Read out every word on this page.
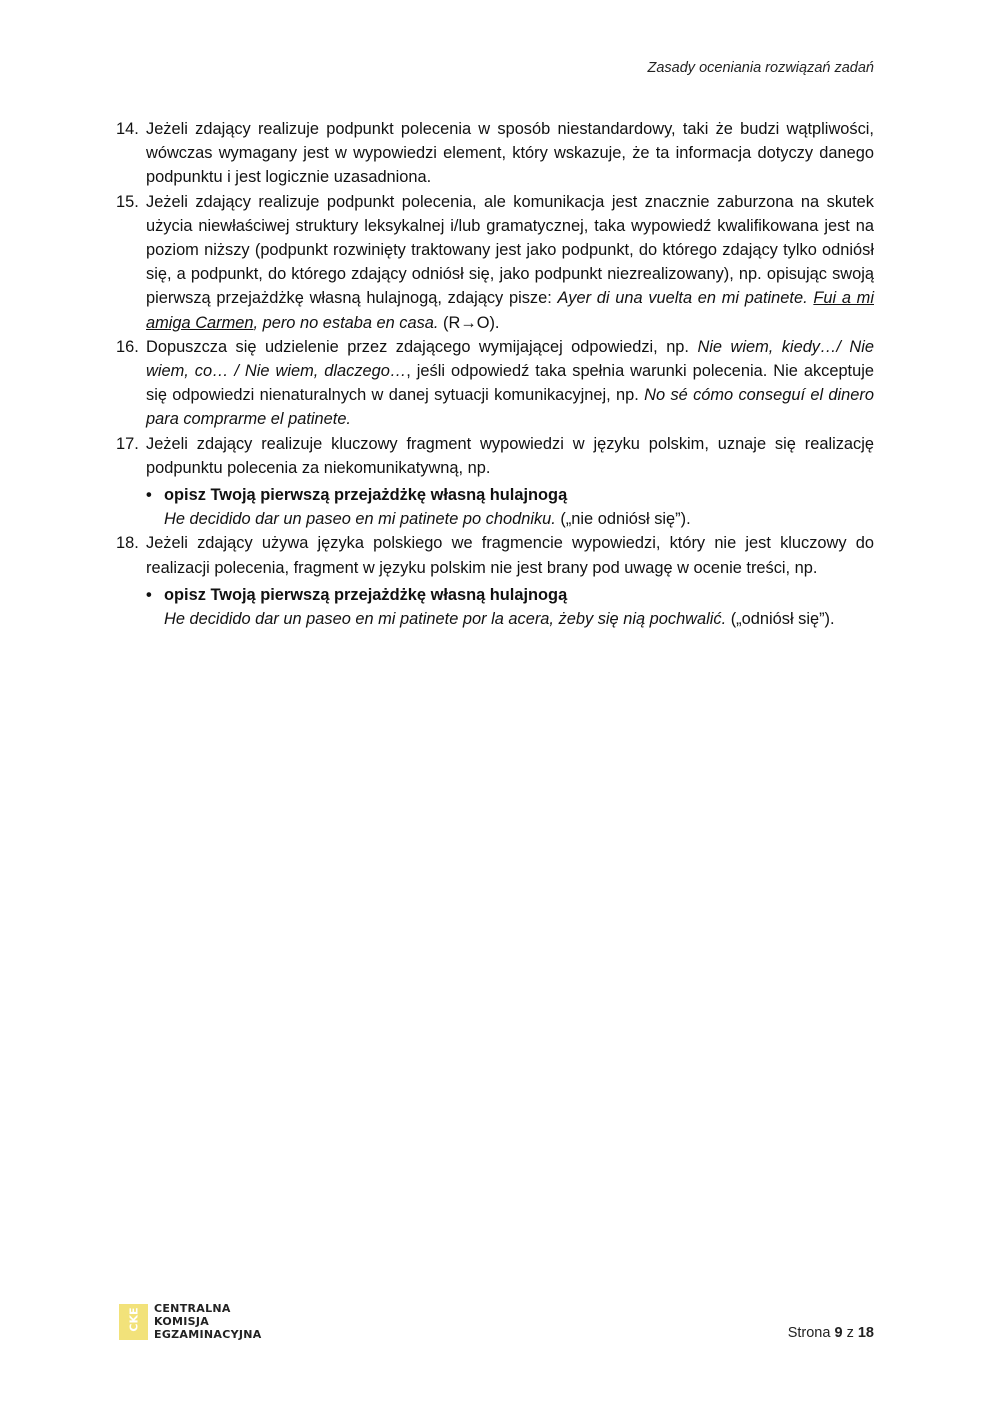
Zasady oceniania rozwiązań zadań
14. Jeżeli zdający realizuje podpunkt polecenia w sposób niestandardowy, taki że budzi wątpliwości, wówczas wymagany jest w wypowiedzi element, który wskazuje, że ta informacja dotyczy danego podpunktu i jest logicznie uzasadniona.
15. Jeżeli zdający realizuje podpunkt polecenia, ale komunikacja jest znacznie zaburzona na skutek użycia niewłaściwej struktury leksykalnej i/lub gramatycznej, taka wypowiedź kwalifikowana jest na poziom niższy (podpunkt rozwinięty traktowany jest jako podpunkt, do którego zdający tylko odniósł się, a podpunkt, do którego zdający odniósł się, jako podpunkt niezrealizowany), np. opisując swoją pierwszą przejażdżkę własną hulajnogą, zdający pisze: Ayer di una vuelta en mi patinete. Fui a mi amiga Carmen, pero no estaba en casa. (R→O).
16. Dopuszcza się udzielenie przez zdającego wymijającej odpowiedzi, np. Nie wiem, kiedy…/ Nie wiem, co… / Nie wiem, dlaczego…, jeśli odpowiedź taka spełnia warunki polecenia. Nie akceptuje się odpowiedzi nienaturalnych w danej sytuacji komunikacyjnej, np. No sé cómo conseguí el dinero para comprarme el patinete.
17. Jeżeli zdający realizuje kluczowy fragment wypowiedzi w języku polskim, uznaje się realizację podpunktu polecenia za niekomunikatywną, np.
• opisz Twoją pierwszą przejażdżkę własną hulajnogą
He decidido dar un paseo en mi patinete po chodniku. („nie odniósł się”).
18. Jeżeli zdający używa języka polskiego we fragmencie wypowiedzi, który nie jest kluczowy do realizacji polecenia, fragment w języku polskim nie jest brany pod uwagę w ocenie treści, np.
• opisz Twoją pierwszą przejażdżkę własną hulajnogą
He decidido dar un paseo en mi patinete por la acera, żeby się nią pochwalić. („odniósł się”).
CKE CENTRALNA
KOMISJA
EGZAMINACYJNA	Strona 9 z 18
